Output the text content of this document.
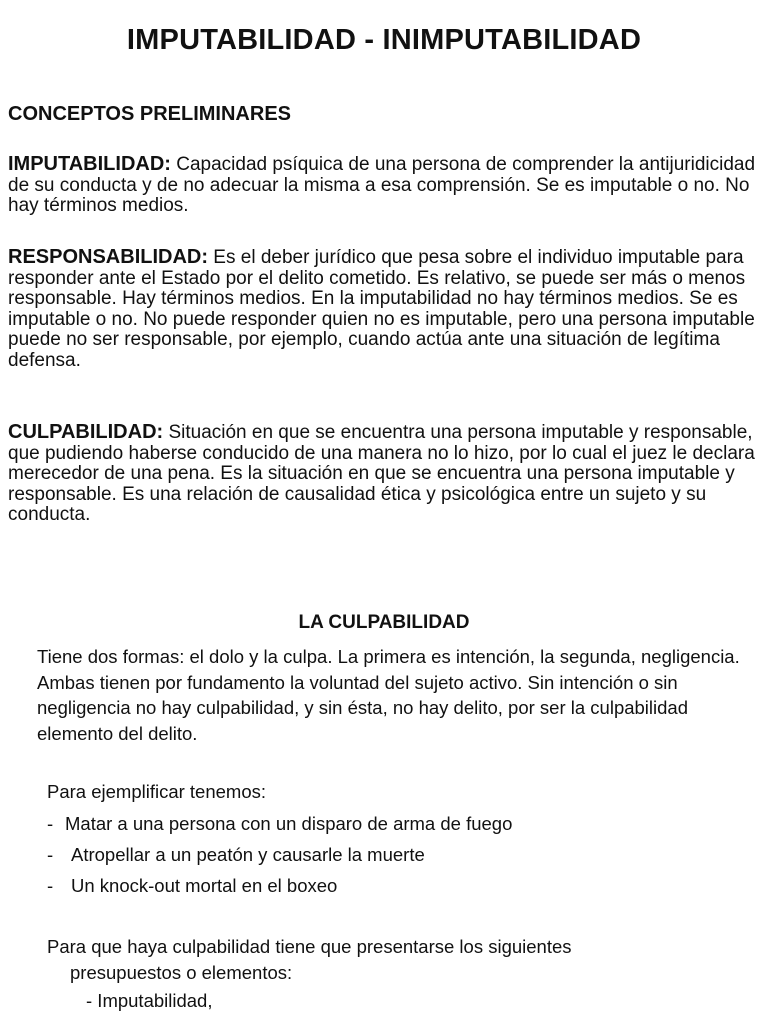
IMPUTABILIDAD - INIMPUTABILIDAD
CONCEPTOS PRELIMINARES

IMPUTABILIDAD: Capacidad psíquica de una persona de comprender la antijuridicidad de su conducta y de no adecuar la misma a esa comprensión. Se es imputable o no. No hay términos medios.

RESPONSABILIDAD: Es el deber jurídico que pesa sobre el individuo imputable para responder ante el Estado por el delito cometido. Es relativo, se puede ser más o menos responsable. Hay términos medios. En la imputabilidad no hay términos medios. Se es imputable o no. No puede responder quien no es imputable, pero una persona imputable puede no ser responsable, por ejemplo, cuando actúa ante una situación de legítima defensa.

CULPABILIDAD: Situación en que se encuentra una persona imputable y responsable, que pudiendo haberse conducido de una manera no lo hizo, por lo cual el juez le declara merecedor de una pena. Es la situación en que se encuentra una persona imputable y responsable. Es una relación de causalidad ética y psicológica entre un sujeto y su conducta.

LA CULPABILIDAD

Tiene dos formas: el dolo y la culpa. La primera es intención, la segunda, negligencia. Ambas tienen por fundamento la voluntad del sujeto activo. Sin intención o sin negligencia no hay culpabilidad, y sin ésta, no hay delito, por ser la culpabilidad elemento del delito.

Para ejemplificar tenemos:

- Matar a una persona con un disparo de arma de fuego
- Atropellar a un peatón y causarle la muerte
- Un knock-out mortal en el boxeo

Para que haya culpabilidad tiene que presentarse los siguientes
presupuestos o elementos:

- Imputabilidad,
